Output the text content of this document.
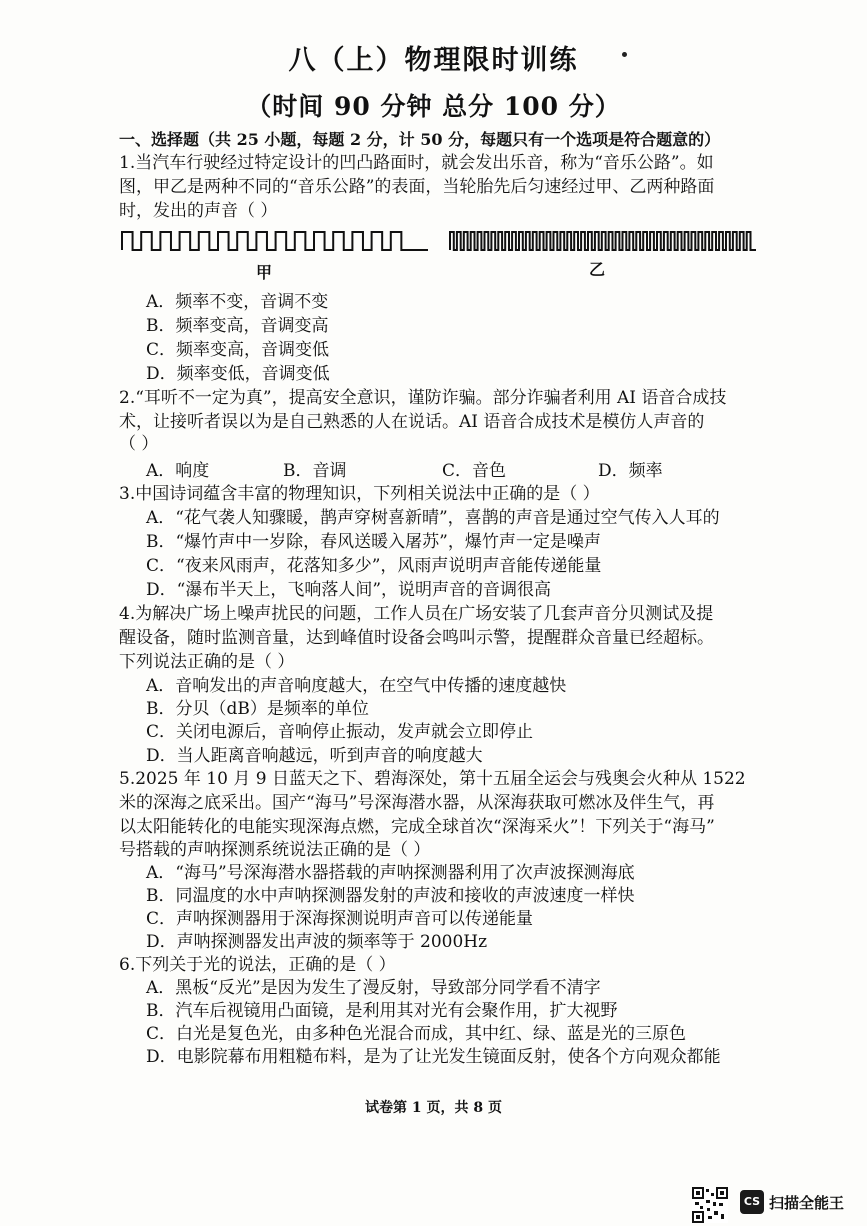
八（上）物理限时训练
（时间 90 分钟 总分 100 分）
一、选择题（共 25 小题，每题 2 分，计 50 分，每题只有一个选项是符合题意的）
1.当汽车行驶经过特定设计的凹凸路面时，就会发出乐音，称为“音乐公路”。如
图，甲乙是两种不同的“音乐公路”的表面，当轮胎先后匀速经过甲、乙两种路面
时，发出的声音（ ）
甲	乙
A．频率不变，音调不变
B．频率变高，音调变高
C．频率变高，音调变低
D．频率变低，音调变低
2.“耳听不一定为真”，提高安全意识，谨防诈骗。部分诈骗者利用 AI 语音合成技
术，让接听者误以为是自己熟悉的人在说话。AI 语音合成技术是模仿人声音的
（ ）
A．响度	B．音调	C．音色	D．频率
3.中国诗词蕴含丰富的物理知识，下列相关说法中正确的是（ ）
A．“花气袭人知骤暖，鹊声穿树喜新晴”，喜鹊的声音是通过空气传入人耳的
B．“爆竹声中一岁除，春风送暖入屠苏”，爆竹声一定是噪声
C．“夜来风雨声，花落知多少”，风雨声说明声音能传递能量
D．“瀑布半天上，飞响落人间”，说明声音的音调很高
4.为解决广场上噪声扰民的问题，工作人员在广场安装了几套声音分贝测试及提
醒设备，随时监测音量，达到峰值时设备会鸣叫示警，提醒群众音量已经超标。
下列说法正确的是（ ）
A．音响发出的声音响度越大，在空气中传播的速度越快
B．分贝（dB）是频率的单位
C．关闭电源后，音响停止振动，发声就会立即停止
D．当人距离音响越远，听到声音的响度越大
5.2025 年 10 月 9 日蓝天之下、碧海深处，第十五届全运会与残奥会火种从 1522
米的深海之底采出。国产“海马”号深海潜水器，从深海获取可燃冰及伴生气，再
以太阳能转化的电能实现深海点燃，完成全球首次“深海采火”！下列关于“海马”
号搭载的声呐探测系统说法正确的是（ ）
A．“海马”号深海潜水器搭载的声呐探测器利用了次声波探测海底
B．同温度的水中声呐探测器发射的声波和接收的声波速度一样快
C．声呐探测器用于深海探测说明声音可以传递能量
D．声呐探测器发出声波的频率等于 2000Hz
6.下列关于光的说法，正确的是（ ）
A．黑板“反光”是因为发生了漫反射，导致部分同学看不清字
B．汽车后视镜用凸面镜，是利用其对光有会聚作用，扩大视野
C．白光是复色光，由多种色光混合而成，其中红、绿、蓝是光的三原色
D．电影院幕布用粗糙布料，是为了让光发生镜面反射，使各个方向观众都能
试卷第 1 页，共 8 页
CS 扫描全能王
